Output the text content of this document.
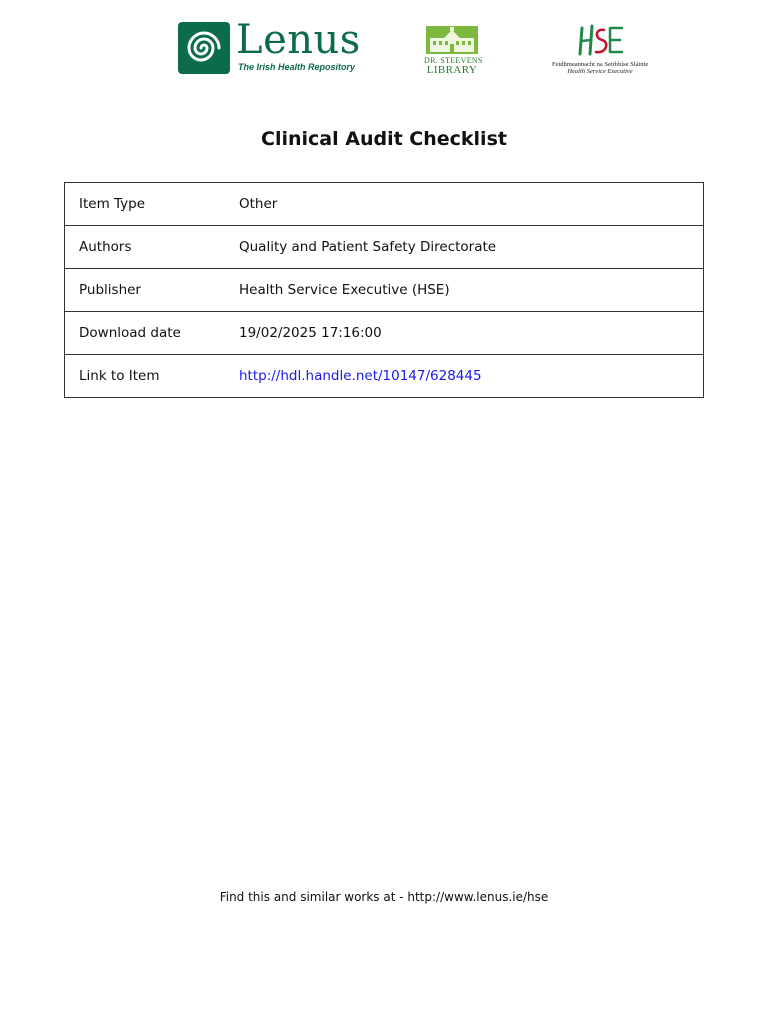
Lenus
The Irish Health Repository
DR. STEEVENS
LIBRARY	Feidhmeannacht na Seirbhíse Sláinte
Health Service Executive
Clinical Audit Checklist
Item Type	Other
Authors	Quality and Patient Safety Directorate
Publisher	Health Service Executive (HSE)
Download date	19/02/2025 17:16:00
Link to Item	http://hdl.handle.net/10147/628445
Find this and similar works at - http://www.lenus.ie/hse
